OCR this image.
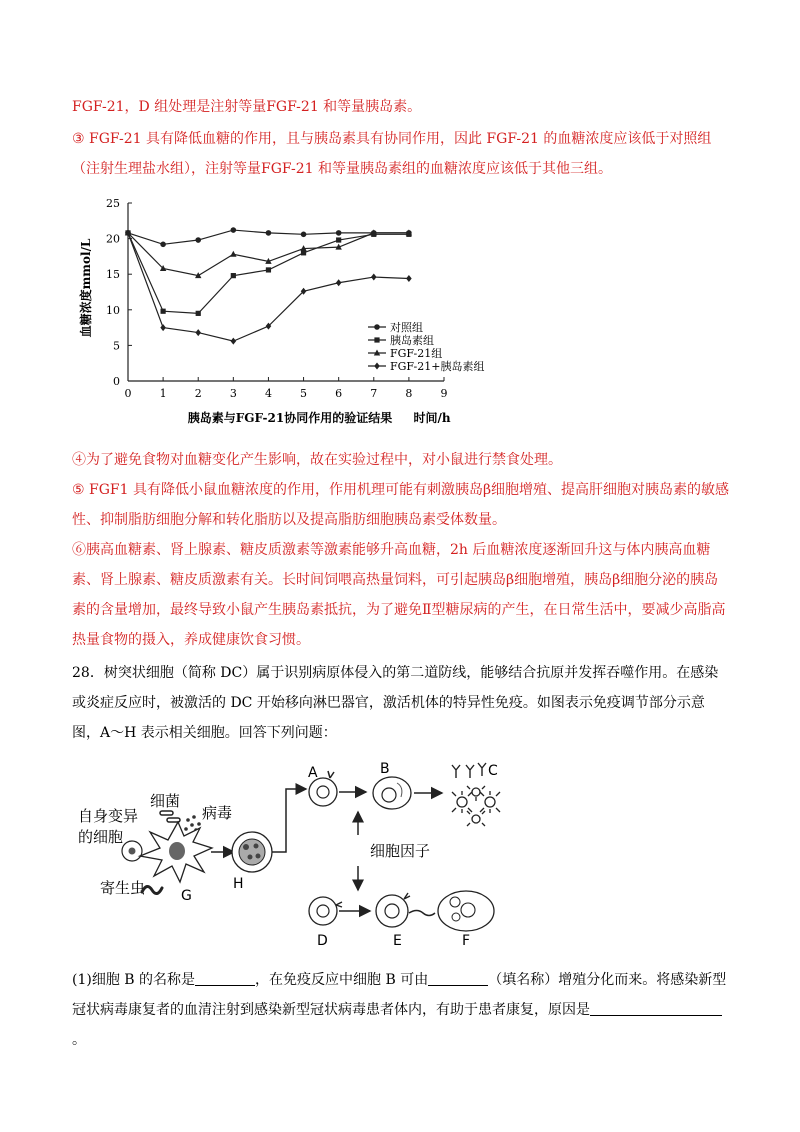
FGF-21，D 组处理是注射等量FGF-21 和等量胰岛素。

③ FGF-21 具有降低血糖的作用，且与胰岛素具有协同作用，因此 FGF-21 的血糖浓度应该低于对照组（注射生理盐水组），注射等量FGF-21 和等量胰岛素组的血糖浓度应该低于其他三组。

0	1	2	3	4	5	6	7	8	9
0
5
10
15
20
25
对照组
胰岛素组
FGF-21组
FGF-21+胰岛素组
胰岛素与FGF-21协同作用的验证结果 时间/h
血糖浓度mmol/L

④为了避免食物对血糖变化产生影响，故在实验过程中，对小鼠进行禁食处理。

⑤ FGF1 具有降低小鼠血糖浓度的作用，作用机理可能有刺激胰岛β细胞增殖、提高肝细胞对胰岛素的敏感性、抑制脂肪细胞分解和转化脂肪以及提高脂肪细胞胰岛素受体数量。

⑥胰高血糖素、肾上腺素、糖皮质激素等激素能够升高血糖，2h 后血糖浓度逐渐回升这与体内胰高血糖素、肾上腺素、糖皮质激素有关。长时间饲喂高热量饲料，可引起胰岛β细胞增殖，胰岛β细胞分泌的胰岛素的含量增加，最终导致小鼠产生胰岛素抵抗，为了避免Ⅱ型糖尿病的产生，在日常生活中，要减少高脂高热量食物的摄入，养成健康饮食习惯。

28．树突状细胞（简称 DC）属于识别病原体侵入的第二道防线，能够结合抗原并发挥吞噬作用。在感染或炎症反应时，被激活的 DC 开始移向淋巴器官，激活机体的特异性免疫。如图表示免疫调节部分示意图，A～H 表示相关细胞。回答下列问题：

细菌
病毒
自身变异
的细胞
寄生虫
细胞因子
G
H
A	B	C
D	E	F

(1)细胞 B 的名称是	，在免疫反应中细胞 B 可由	（填名称）增殖分化而来。将感染新型冠状病毒康复者的血清注射到感染新型冠状病毒患者体内，有助于患者康复，原因是。
